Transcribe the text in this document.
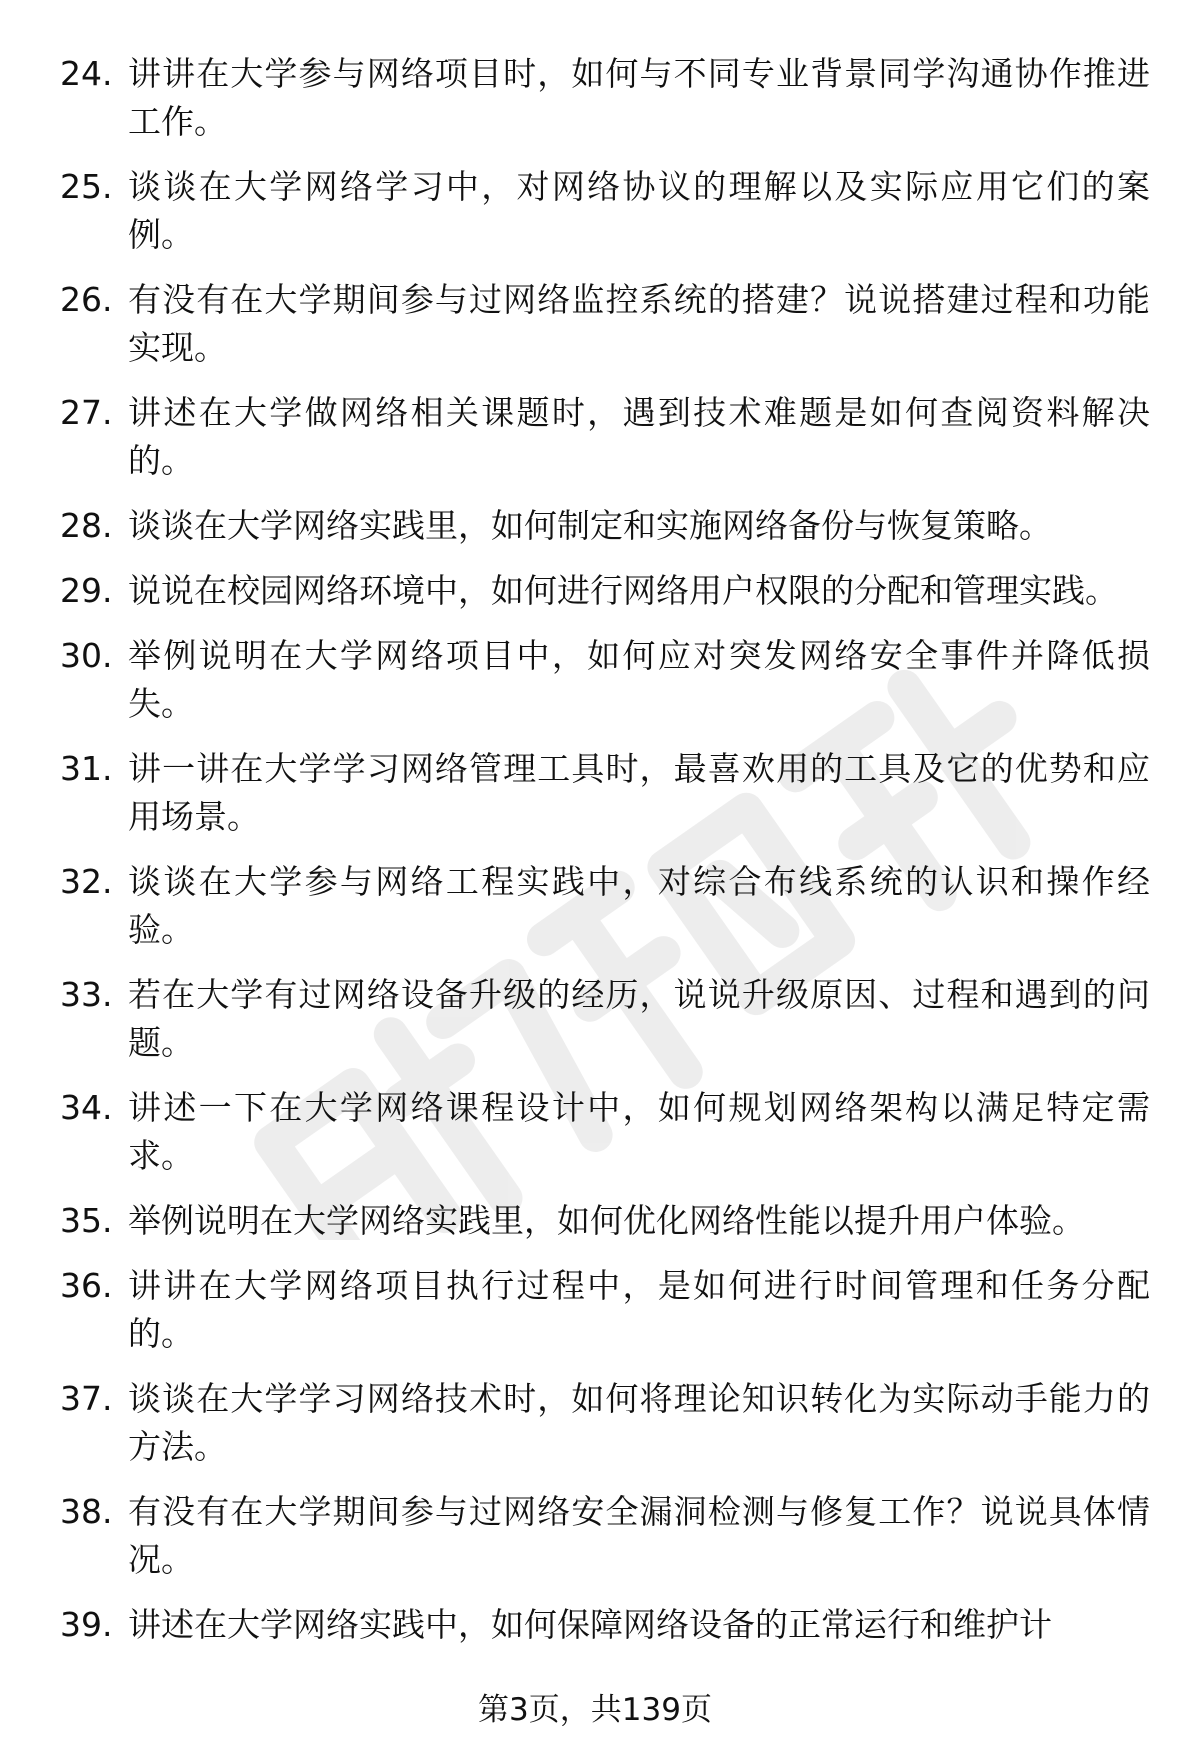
24. 讲讲在大学参与网络项目时，如何与不同专业背景同学沟通协作推进工作。
25. 谈谈在大学网络学习中，对网络协议的理解以及实际应用它们的案例。
26. 有没有在大学期间参与过网络监控系统的搭建？说说搭建过程和功能实现。
27. 讲述在大学做网络相关课题时，遇到技术难题是如何查阅资料解决的。
28. 谈谈在大学网络实践里，如何制定和实施网络备份与恢复策略。
29. 说说在校园网络环境中，如何进行网络用户权限的分配和管理实践。
30. 举例说明在大学网络项目中，如何应对突发网络安全事件并降低损失。
31. 讲一讲在大学学习网络管理工具时，最喜欢用的工具及它的优势和应用场景。
32. 谈谈在大学参与网络工程实践中，对综合布线系统的认识和操作经验。
33. 若在大学有过网络设备升级的经历，说说升级原因、过程和遇到的问题。
34. 讲述一下在大学网络课程设计中，如何规划网络架构以满足特定需求。
35. 举例说明在大学网络实践里，如何优化网络性能以提升用户体验。
36. 讲讲在大学网络项目执行过程中，是如何进行时间管理和任务分配的。
37. 谈谈在大学学习网络技术时，如何将理论知识转化为实际动手能力的方法。
38. 有没有在大学期间参与过网络安全漏洞检测与修复工作？说说具体情况。
39. 讲述在大学网络实践中，如何保障网络设备的正常运行和维护计
第3页，共139页
